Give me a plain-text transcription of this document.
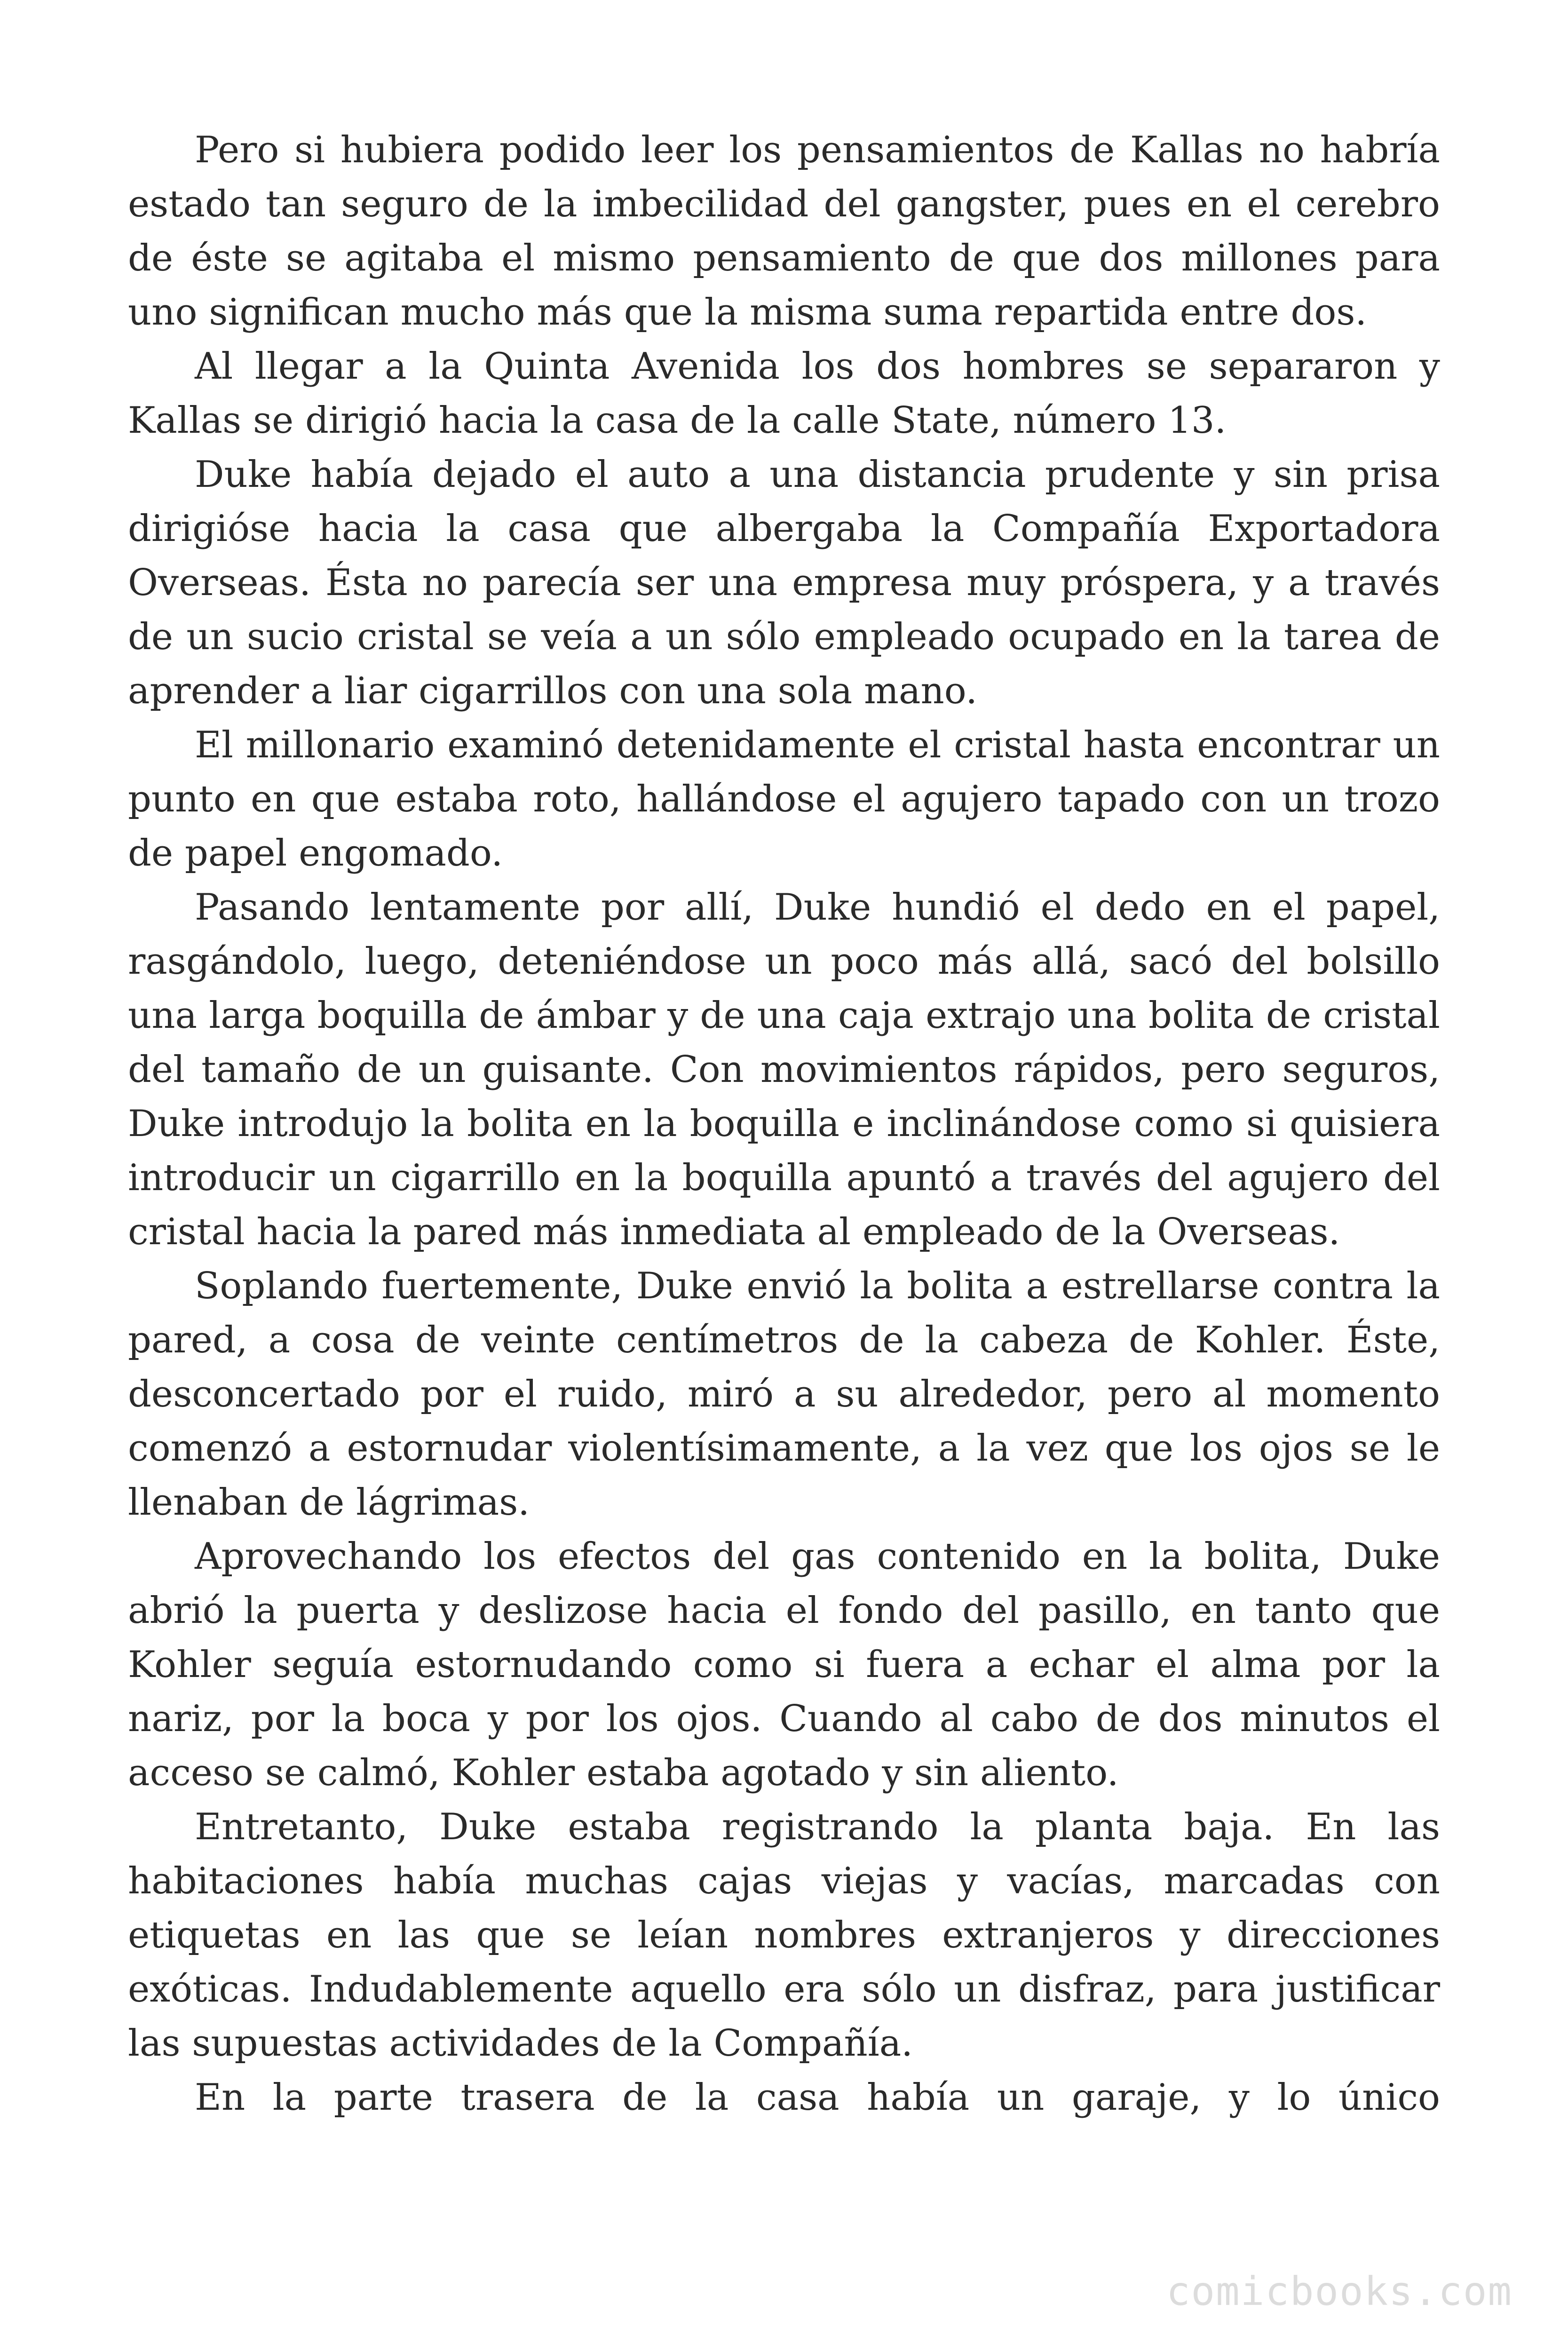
Pero si hubiera podido leer los pensamientos de Kallas no habría estado tan seguro de la imbecilidad del gangster, pues en el cerebro de éste se agitaba el mismo pensamiento de que dos millones para uno significan mucho más que la misma suma repartida entre dos.

Al llegar a la Quinta Avenida los dos hombres se separaron y Kallas se dirigió hacia la casa de la calle State, número 13.

Duke había dejado el auto a una distancia prudente y sin prisa dirigióse hacia la casa que albergaba la Compañía Exportadora Overseas. Ésta no parecía ser una empresa muy próspera, y a través de un sucio cristal se veía a un sólo empleado ocupado en la tarea de aprender a liar cigarrillos con una sola mano.

El millonario examinó detenidamente el cristal hasta encontrar un punto en que estaba roto, hallándose el agujero tapado con un trozo de papel engomado.

Pasando lentamente por allí, Duke hundió el dedo en el papel, rasgándolo, luego, deteniéndose un poco más allá, sacó del bolsillo una larga boquilla de ámbar y de una caja extrajo una bolita de cristal del tamaño de un guisante. Con movimientos rápidos, pero seguros, Duke introdujo la bolita en la boquilla e inclinándose como si quisiera introducir un cigarrillo en la boquilla apuntó a través del agujero del cristal hacia la pared más inmediata al empleado de la Overseas.

Soplando fuertemente, Duke envió la bolita a estrellarse contra la pared, a cosa de veinte centímetros de la cabeza de Kohler. Éste, desconcertado por el ruido, miró a su alrededor, pero al momento comenzó a estornudar violentísimamente, a la vez que los ojos se le llenaban de lágrimas.

Aprovechando los efectos del gas contenido en la bolita, Duke abrió la puerta y deslizose hacia el fondo del pasillo, en tanto que Kohler seguía estornudando como si fuera a echar el alma por la nariz, por la boca y por los ojos. Cuando al cabo de dos minutos el acceso se calmó, Kohler estaba agotado y sin aliento.

Entretanto, Duke estaba registrando la planta baja. En las habitaciones había muchas cajas viejas y vacías, marcadas con etiquetas en las que se leían nombres extranjeros y direcciones exóticas. Indudablemente aquello era sólo un disfraz, para justificar las supuestas actividades de la Compañía.

En la parte trasera de la casa había un garaje, y lo único

comicbooks.com
